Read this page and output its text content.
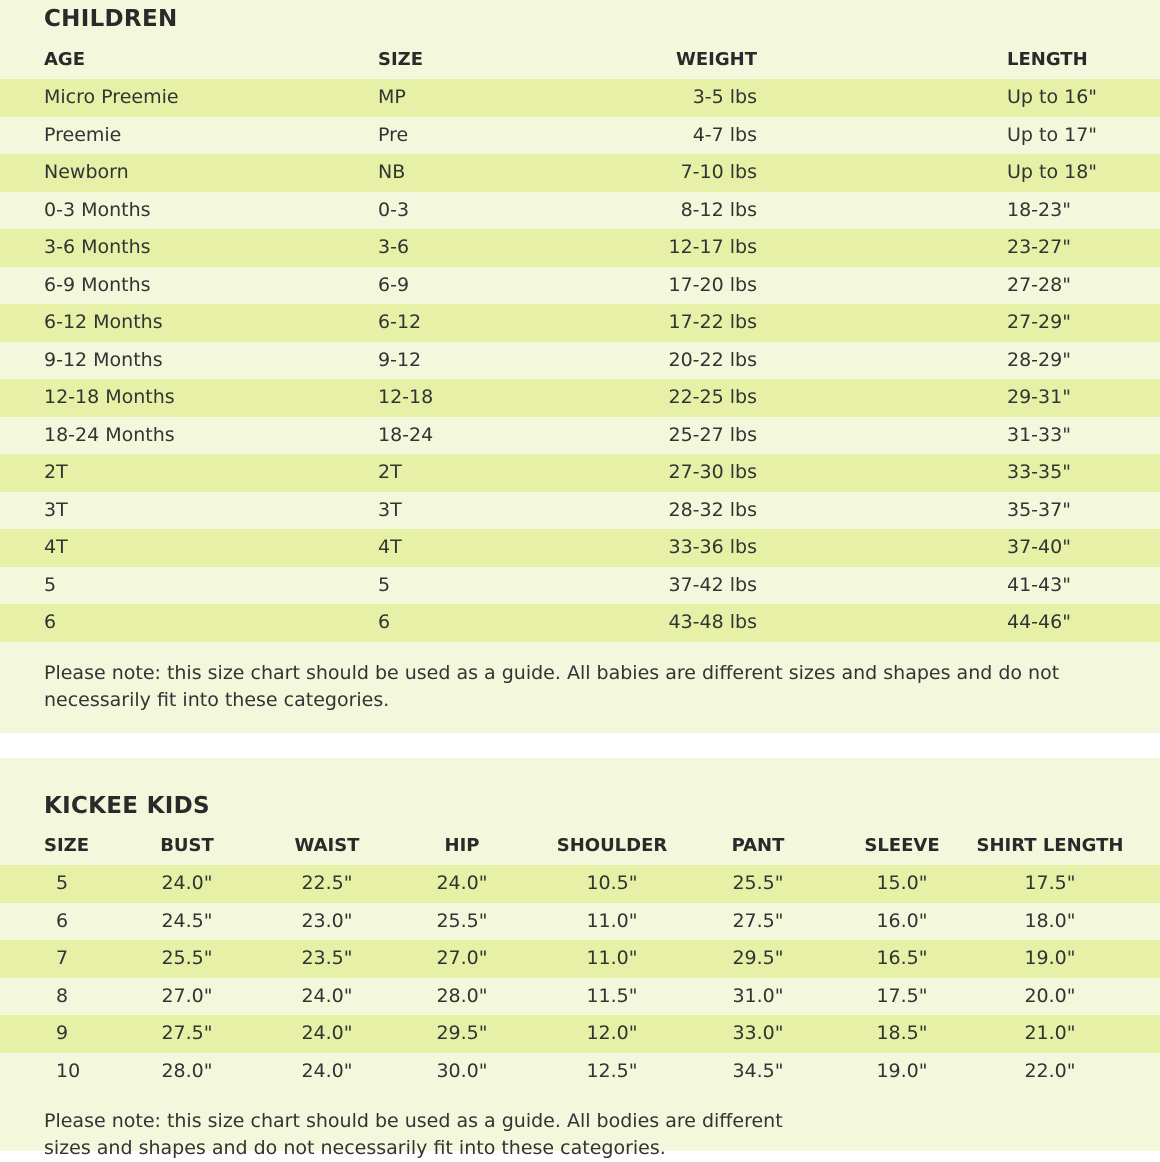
CHILDREN
AGE	SIZE	WEIGHT	LENGTH
Micro Preemie	MP	3-5 lbs	Up to 16"
Preemie	Pre	4-7 lbs	Up to 17"
Newborn	NB	7-10 lbs	Up to 18"
0-3 Months	0-3	8-12 lbs	18-23"
3-6 Months	3-6	12-17 lbs	23-27"
6-9 Months	6-9	17-20 lbs	27-28"
6-12 Months	6-12	17-22 lbs	27-29"
9-12 Months	9-12	20-22 lbs	28-29"
12-18 Months	12-18	22-25 lbs	29-31"
18-24 Months	18-24	25-27 lbs	31-33"
2T	2T	27-30 lbs	33-35"
3T	3T	28-32 lbs	35-37"
4T	4T	33-36 lbs	37-40"
5	5	37-42 lbs	41-43"
6	6	43-48 lbs	44-46"
Please note: this size chart should be used as a guide. All babies are different sizes and shapes and do not necessarily fit into these categories.
KICKEE KIDS
SIZE	BUST	WAIST	HIP	SHOULDER	PANT	SLEEVE	SHIRT LENGTH
5	24.0"	22.5"	24.0"	10.5"	25.5"	15.0"	17.5"
6	24.5"	23.0"	25.5"	11.0"	27.5"	16.0"	18.0"
7	25.5"	23.5"	27.0"	11.0"	29.5"	16.5"	19.0"
8	27.0"	24.0"	28.0"	11.5"	31.0"	17.5"	20.0"
9	27.5"	24.0"	29.5"	12.0"	33.0"	18.5"	21.0"
10	28.0"	24.0"	30.0"	12.5"	34.5"	19.0"	22.0"
Please note: this size chart should be used as a guide. All bodies are different sizes and shapes and do not necessarily fit into these categories.
